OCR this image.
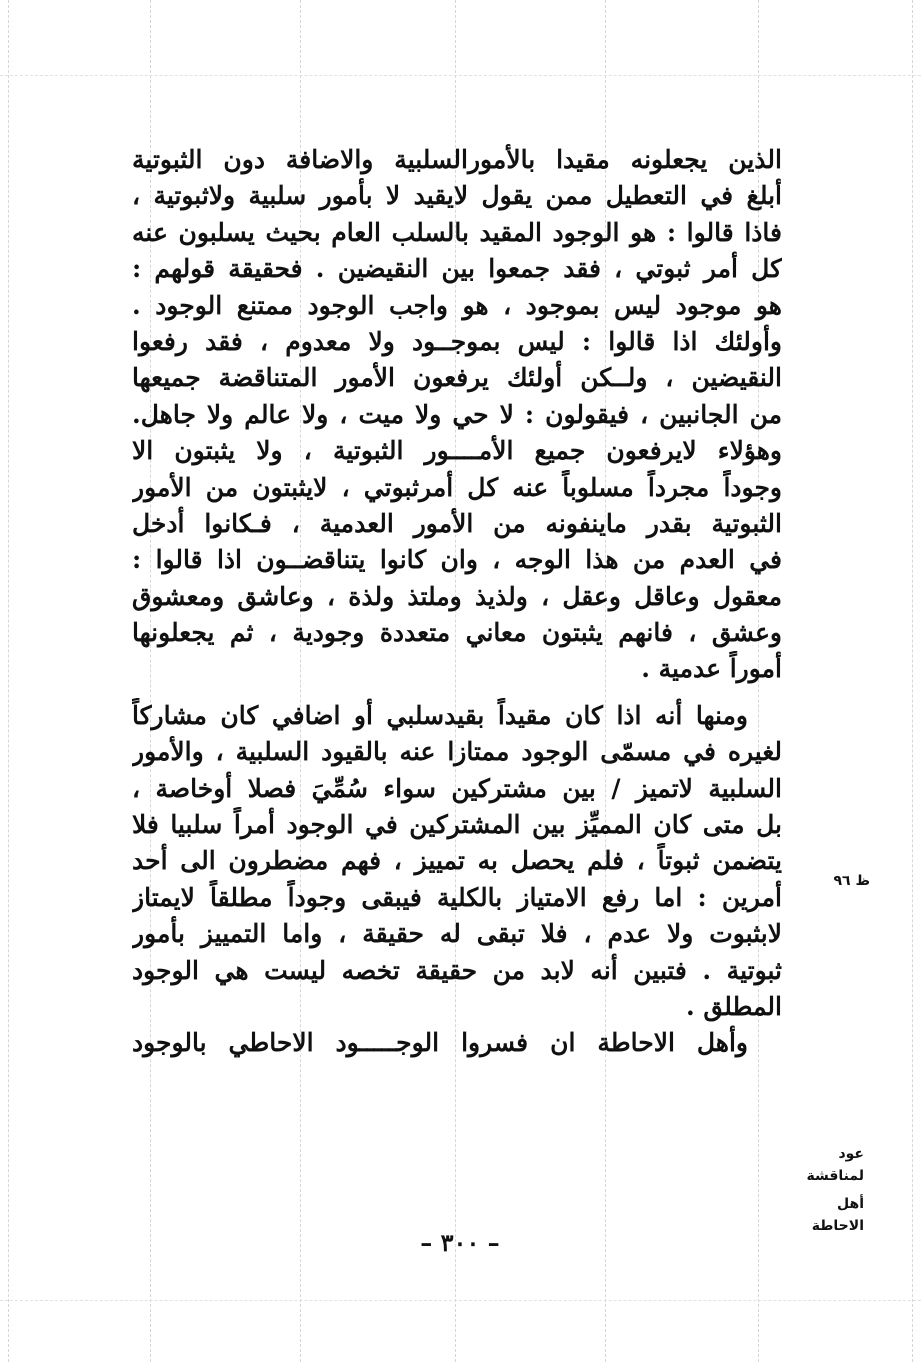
الذين يجعلونه مقيدا بالأمورالسلبية والاضافة دون الثبوتية
أبلغ في التعطيل ممن يقول لايقيد لا بأمور سلبية ولاثبوتية ،
فاذا قالوا : هو الوجود المقيد بالسلب العام بحيث يسلبون عنه
كل أمر ثبوتي ، فقد جمعوا بين النقيضين . فحقيقة قولهم :
هو موجود ليس بموجود ، هو واجب الوجود ممتنع الوجود .
وأولئك اذا قالوا : ليس بموجــود ولا معدوم ، فقد رفعوا
النقيضين ، ولــكن أولئك يرفعون الأمور المتناقضة جميعها
من الجانبين ، فيقولون : لا حي ولا ميت ، ولا عالم ولا جاهل.
وهؤلاء لايرفعون جميع الأمــــور الثبوتية ، ولا يثبتون الا
وجوداً مجرداً مسلوباً عنه كل أمرثبوتي ، لايثبتون من الأمور
الثبوتية بقدر ماينفونه من الأمور العدمية ، فـكانوا أدخل
في العدم من هذا الوجه ، وان كانوا يتناقضــون اذا قالوا :
معقول وعاقل وعقل ، ولذيذ وملتذ ولذة ، وعاشق ومعشوق
وعشق ، فانهم يثبتون معاني متعددة وجودية ، ثم يجعلونها
أموراً عدمية .
ومنها أنه اذا كان مقيداً بقيدسلبي أو اضافي كان مشاركاً
لغيره في مسمّى الوجود ممتازا عنه بالقيود السلبية ، والأمور
السلبية لاتميز / بين مشتركين سواء سُمِّيَ فصلا أوخاصة ،
بل متى كان المميِّز بين المشتركين في الوجود أمراً سلبيا فلا
يتضمن ثبوتاً ، فلم يحصل به تمييز ، فهم مضطرون الى أحد
أمرين : اما رفع الامتياز بالكلية فيبقى وجوداً مطلقاً لايمتاز
لابثبوت ولا عدم ، فلا تبقى له حقيقة ، واما التمييز بأمور
ثبوتية . فتبين أنه لابد من حقيقة تخصه ليست هي الوجود
المطلق .
وأهل الاحاطة ان فسروا الوجـــــود الاحاطي بالوجود
ظ ٩٦
عود لمناقشة
أهل الاحاطة
– ٣٠٠ –
